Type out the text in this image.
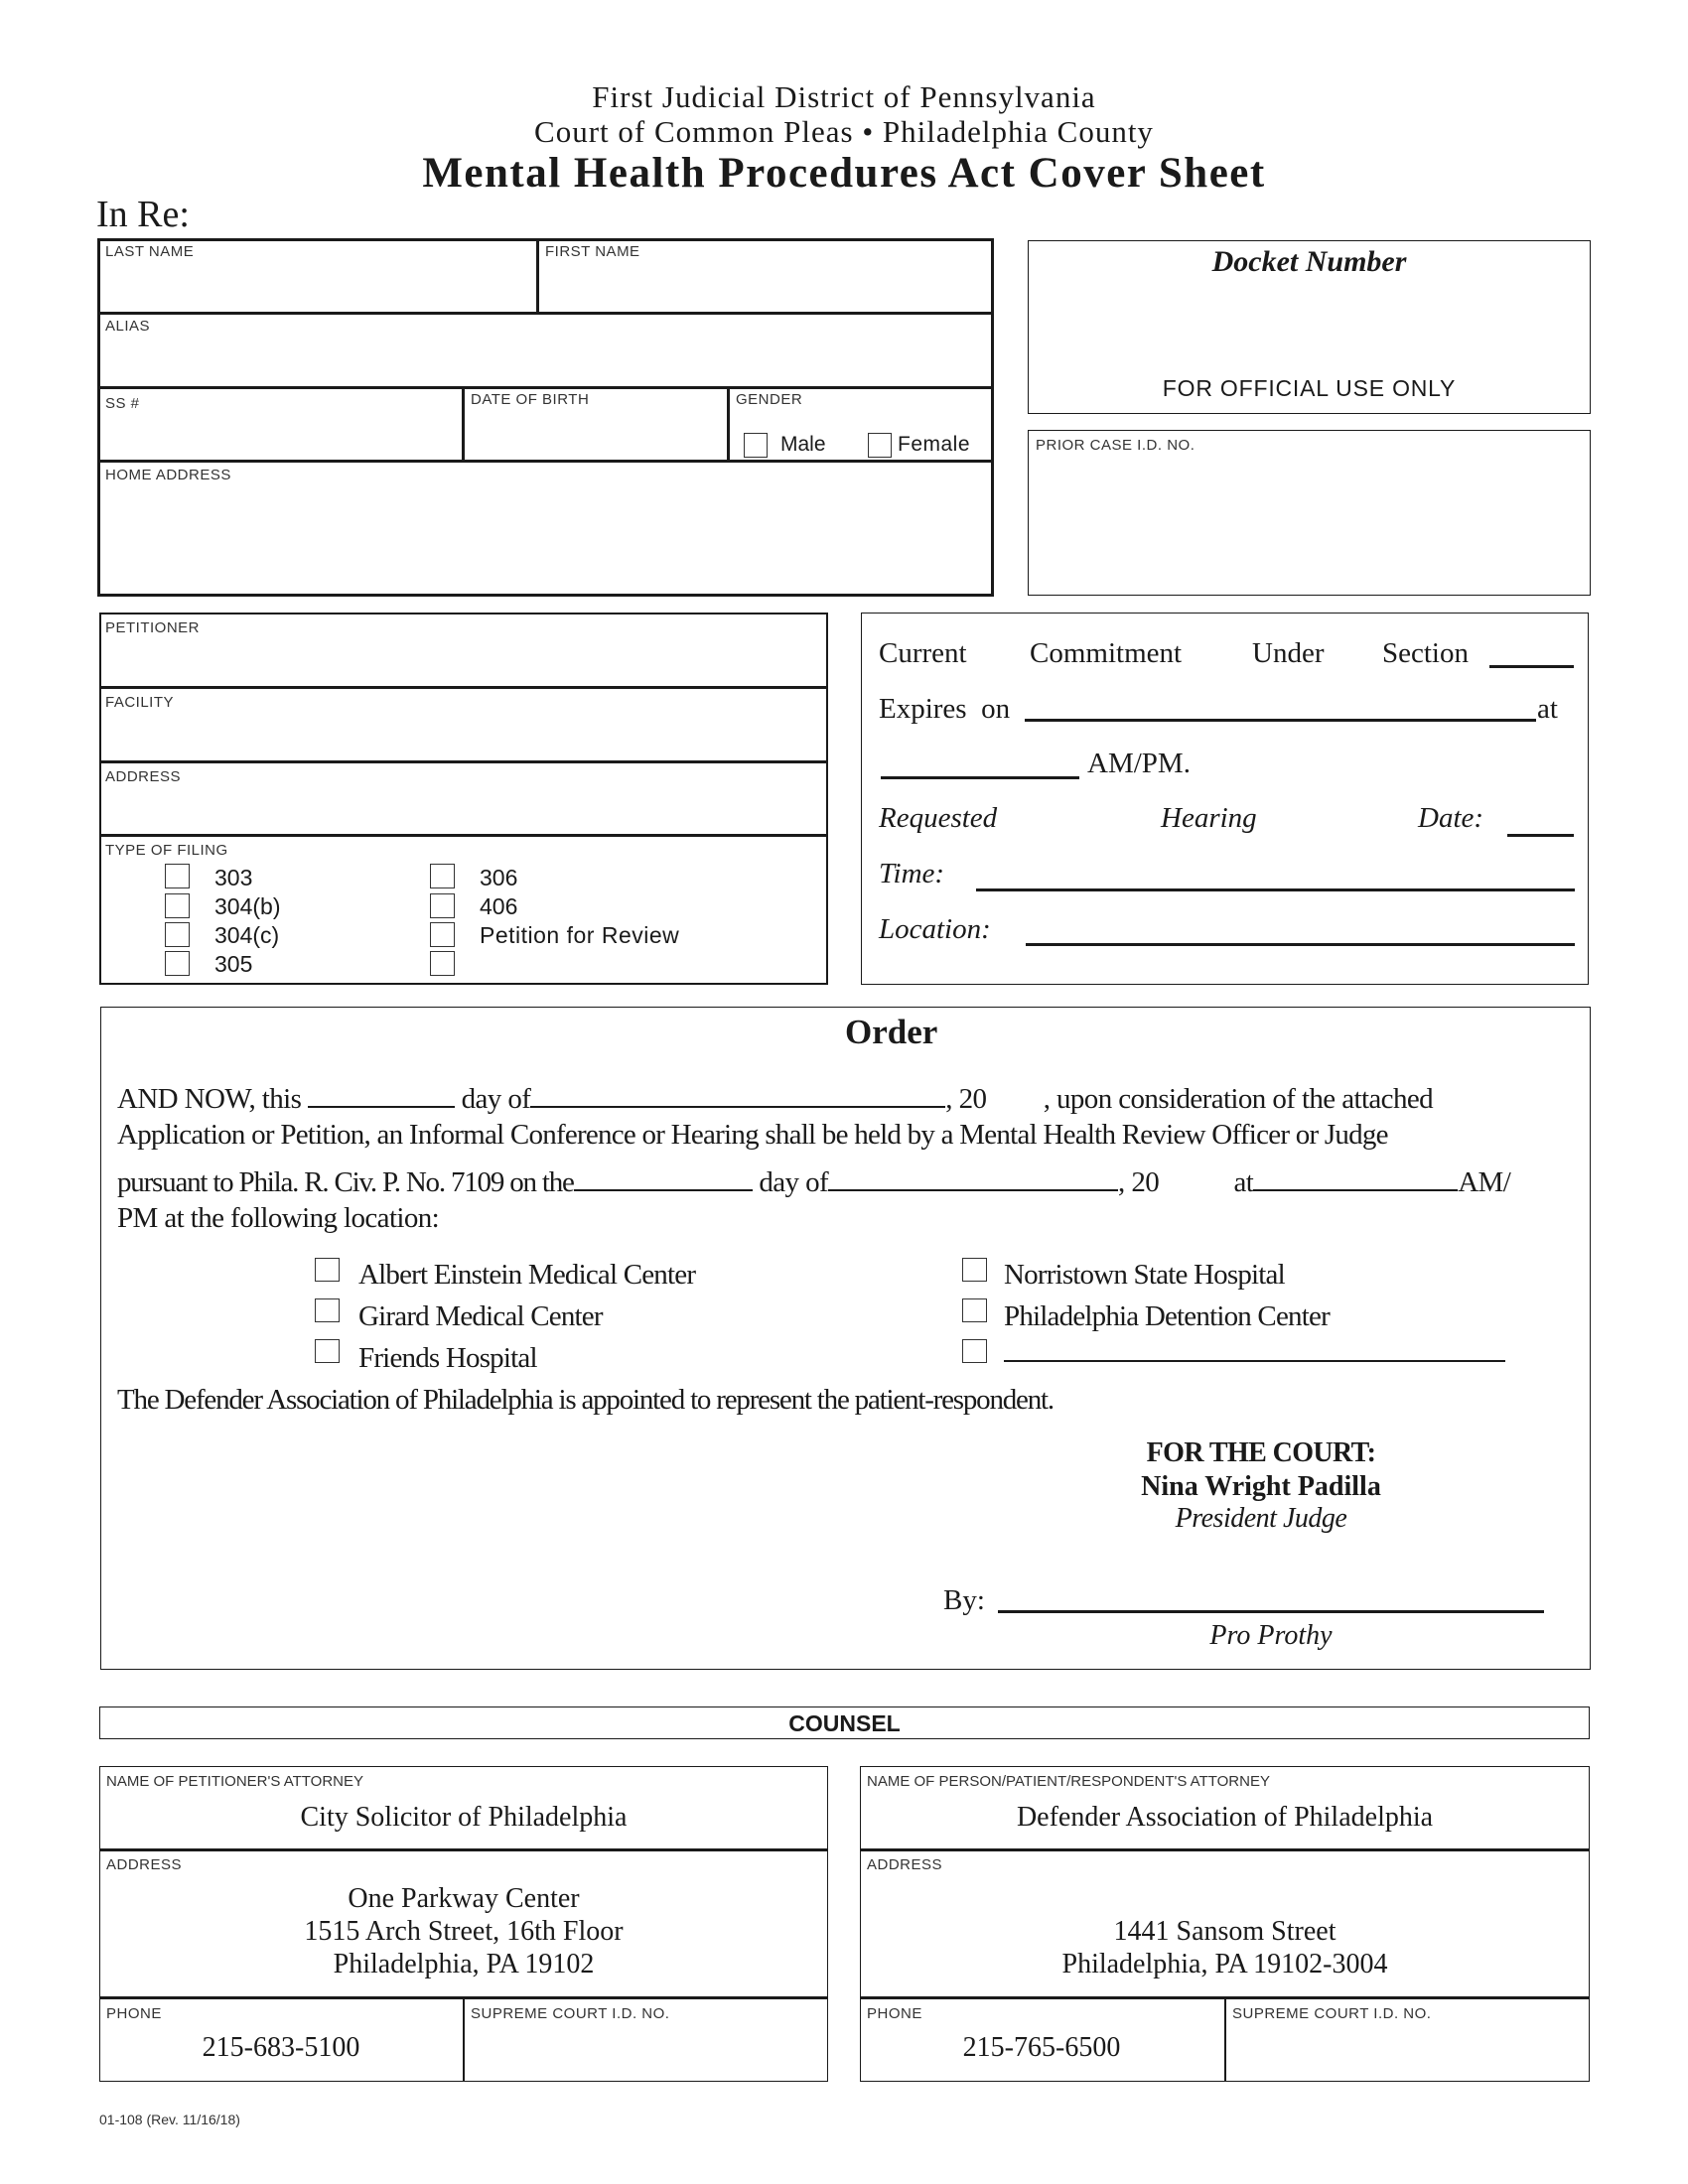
First Judicial District of Pennsylvania
Court of Common Pleas • Philadelphia County
Mental Health Procedures Act Cover Sheet
In Re:
LAST NAME	FIRST NAME
ALIAS
SS #	DATE OF BIRTH	GENDER
Male	Female
HOME ADDRESS
Docket Number
FOR OFFICIAL USE ONLY
PRIOR CASE I.D. NO.
PETITIONER
FACILITY
ADDRESS
TYPE OF FILING
303
304(b)
304(c)
305
306
406
Petition for Review
Current Commitment Under Section
Expires  on	at
AM/PM.
Requested	Hearing	Date:
Time:
Location:
Order
AND NOW, this	day of	, 20 , upon consideration of the attached
Application or Petition, an Informal Conference or Hearing shall be held by a Mental Health Review Officer or Judge
pursuant to Phila. R. Civ. P. No. 7109 on the	day of	, 20	at	AM/
PM at the following location:
Albert Einstein Medical Center
Girard Medical Center
Friends Hospital
Norristown State Hospital
Philadelphia Detention Center
The Defender Association of Philadelphia is appointed to represent the patient-respondent.
FOR THE COURT:
Nina Wright Padilla
President Judge
By:
Pro Prothy
COUNSEL
NAME OF PETITIONER'S ATTORNEY
City Solicitor of Philadelphia
ADDRESS
One Parkway Center
1515 Arch Street, 16th Floor
Philadelphia, PA 19102
PHONE
215-683-5100
SUPREME COURT I.D. NO.
NAME OF PERSON/PATIENT/RESPONDENT'S ATTORNEY
Defender Association of Philadelphia
ADDRESS
1441 Sansom Street
Philadelphia, PA 19102-3004
PHONE
215-765-6500
SUPREME COURT I.D. NO.
01-108 (Rev. 11/16/18)
